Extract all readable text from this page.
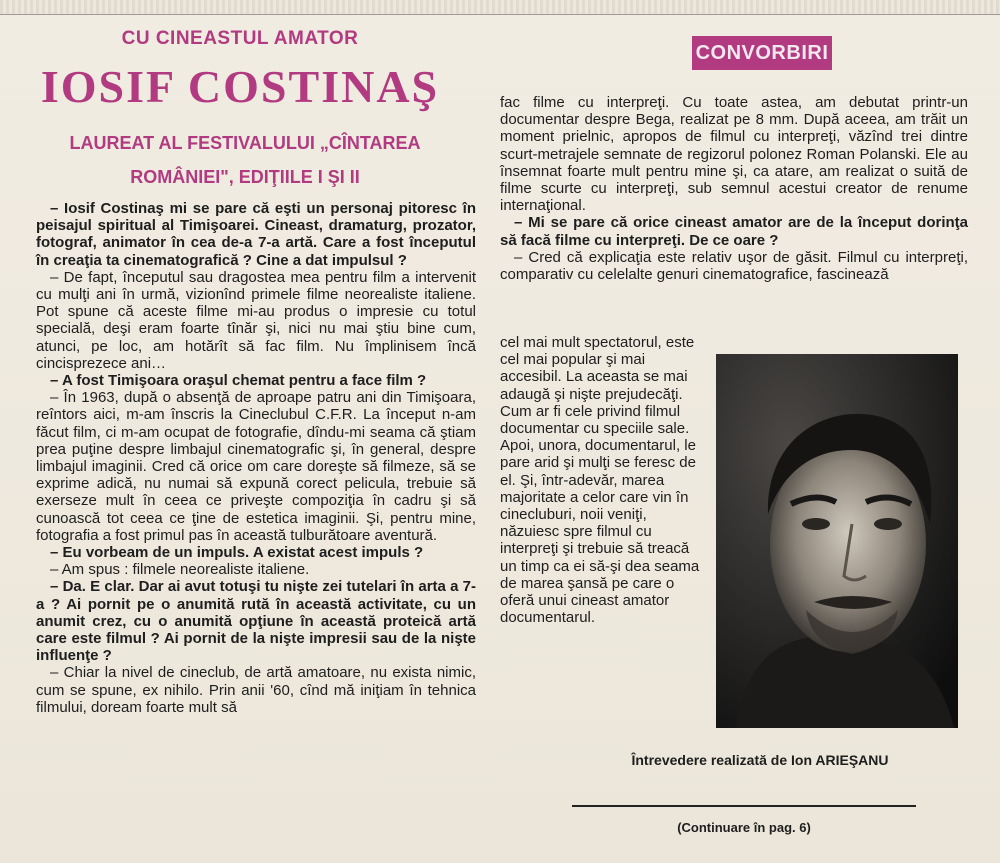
CU CINEASTUL AMATOR
IOSIF COSTINAŞ
LAUREAT AL FESTIVALULUI „CÎNTAREA
ROMÂNIEI", EDIŢIILE I ŞI II
CONVORBIRI

– Iosif Costinaş mi se pare că eşti un personaj pitoresc în peisajul spiritual al Timişoarei. Cineast, dramaturg, prozator, fotograf, animator în cea de-a 7-a artă. Care a fost începutul în creaţia ta cinematografică ? Cine a dat impulsul ?

– De fapt, începutul sau dragostea mea pentru film a intervenit cu mulţi ani în urmă, vizionînd primele filme neorealiste italiene. Pot spune că aceste filme mi-au produs o impresie cu totul specială, deşi eram foarte tînăr şi, nici nu mai ştiu bine cum, atunci, pe loc, am hotărît să fac film. Nu împlinisem încă cincisprezece ani…

– A fost Timişoara oraşul chemat pentru a face film ?

– În 1963, după o absenţă de aproape patru ani din Timişoara, reîntors aici, m-am înscris la Cineclubul C.F.R. La început n-am făcut film, ci m-am ocupat de fotografie, dîndu-mi seama că ştiam prea puţine despre limbajul cinematografic şi, în general, despre limbajul imaginii. Cred că orice om care doreşte să filmeze, să se exprime adică, nu numai să expună corect pelicula, trebuie să exerseze mult în ceea ce priveşte compoziţia în cadru şi să cunoască tot ceea ce ţine de estetica imaginii. Şi, pentru mine, fotografia a fost primul pas în această tulburătoare aventură.

– Eu vorbeam de un impuls. A existat acest impuls ?

– Am spus : filmele neorealiste italiene.

– Da. E clar. Dar ai avut totuşi tu nişte zei tutelari în arta a 7-a ? Ai pornit pe o anumită rută în această activitate, cu un anumit crez, cu o anumită opţiune în această proteică artă care este filmul ? Ai pornit de la nişte impresii sau de la nişte influenţe ?

– Chiar la nivel de cineclub, de artă amatoare, nu exista nimic, cum se spune, ex nihilo. Prin anii '60, cînd mă iniţiam în tehnica filmului, doream foarte mult să

fac filme cu interpreţi. Cu toate astea, am debutat printr-un documentar despre Bega, realizat pe 8 mm. După aceea, am trăit un moment prielnic, apropos de filmul cu interpreţi, văzînd trei dintre scurt-metrajele semnate de regizorul polonez Roman Polanski. Ele au însemnat foarte mult pentru mine şi, ca atare, am realizat o suită de filme scurte cu interpreţi, sub semnul acestui creator de renume internaţional.

– Mi se pare că orice cineast amator are de la început dorinţa să facă filme cu interpreţi. De ce oare ?

– Cred că explicaţia este relativ uşor de găsit. Filmul cu interpreţi, comparativ cu celelalte genuri cinematografice, fascinează

cel mai mult spectatorul, este cel mai popular şi mai accesibil. La aceasta se mai adaugă şi nişte prejudecăţi. Cum ar fi cele privind filmul documentar cu speciile sale. Apoi, unora, documentarul, le pare arid şi mulţi se feresc de el. Şi, într-adevăr, marea majoritate a celor care vin în cinecluburi, noii veniţi, năzuiesc spre filmul cu interpreţi şi trebuie să treacă un timp ca ei să-şi dea seama de marea şansă pe care o oferă unui cineast amator documentarul.
Întrevedere realizată de Ion ARIEŞANU
(Continuare în pag. 6)
